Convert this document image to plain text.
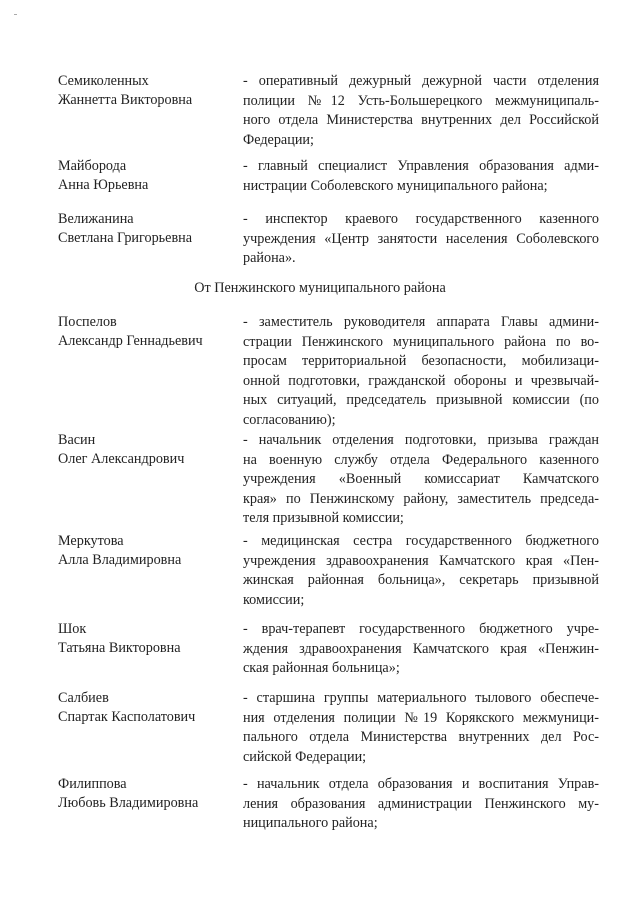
Семиколенных
Жаннетта Викторовна
- оперативный дежурный дежурной части отделения
полиции №12 Усть-Большерецкого межмуниципаль-
ного отдела Министерства внутренних дел Российской
Федерации;
Майборода
Анна Юрьевна
- главный специалист Управления образования адми-
нистрации Соболевского муниципального района;
Велижанина
Светлана Григорьевна
- инспектор краевого государственного казенного
учреждения «Центр занятости населения Соболевского
района».
От Пенжинского муниципального района
Поспелов
Александр Геннадьевич
- заместитель руководителя аппарата Главы админи-
страции Пенжинского муниципального района по во-
просам территориальной безопасности, мобилизаци-
онной подготовки, гражданской обороны и чрезвычай-
ных ситуаций, председатель призывной комиссии (по
согласованию);
Васин
Олег Александрович
- начальник отделения подготовки, призыва граждан
на военную службу отдела Федерального казенного
учреждения «Военный комиссариат Камчатского
края» по Пенжинскому району, заместитель председа-
теля призывной комиссии;
Меркутова
Алла Владимировна
- медицинская сестра государственного бюджетного
учреждения здравоохранения Камчатского края «Пен-
жинская районная больница», секретарь призывной
комиссии;
Шок
Татьяна Викторовна
- врач-терапевт государственного бюджетного учре-
ждения здравоохранения Камчатского края «Пенжин-
ская районная больница»;
Салбиев
Спартак Касполатович
- старшина группы материального тылового обеспече-
ния отделения полиции №19 Корякского межмуници-
пального отдела Министерства внутренних дел Рос-
сийской Федерации;
Филиппова
Любовь Владимировна
- начальник отдела образования и воспитания Управ-
ления образования администрации Пенжинского му-
ниципального района;
